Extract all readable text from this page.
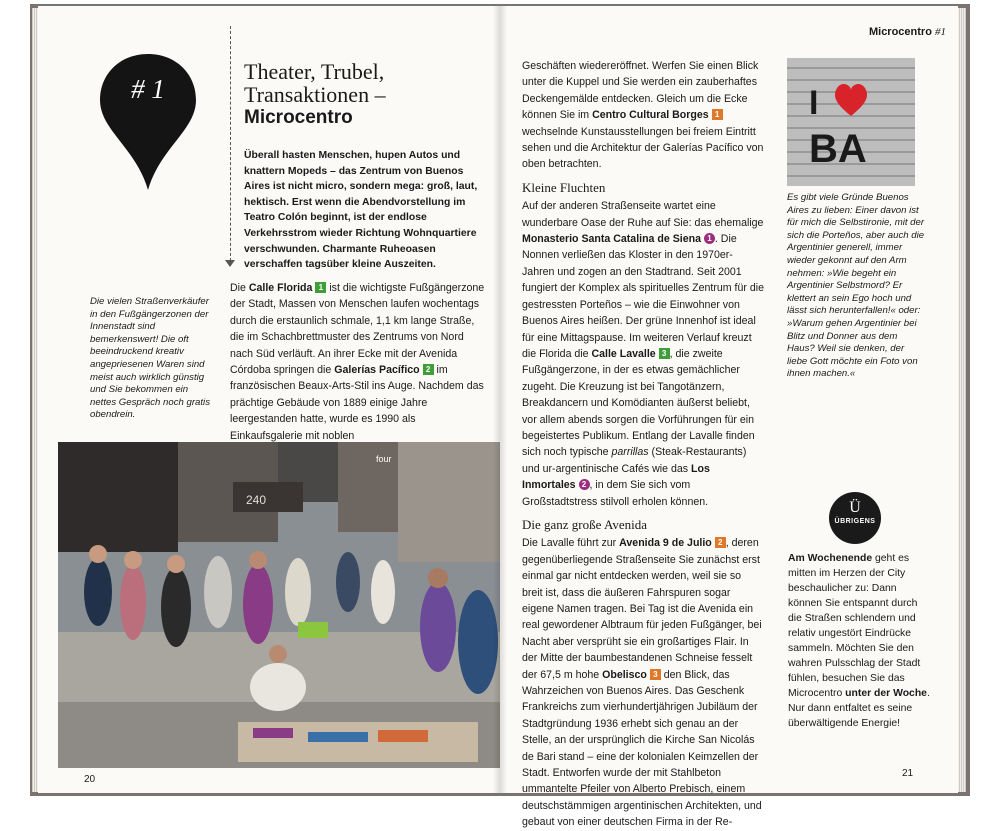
# 1
Theater, Trubel,
Transaktionen –
Microcentro
Überall hasten Menschen, hupen Autos und knattern Mopeds – das Zentrum von Buenos Aires ist nicht micro, sondern mega: groß, laut, hektisch. Erst wenn die Abendvorstellung im Teatro Colón beginnt, ist der endlose Verkehrsstrom wieder Richtung Wohnquartiere verschwunden. Charmante Ruheoasen verschaffen tagsüber kleine Auszeiten.
Die Calle Florida 1 ist die wichtigste Fußgängerzone der Stadt, Massen von Menschen laufen wochentags durch die erstaunlich schmale, 1,1 km lange Straße, die im Schachbrettmuster des Zentrums von Nord nach Süd verläuft. An ihrer Ecke mit der Avenida Córdoba springen die Galerías Pacífico 2 im französischen Beaux-Arts-Stil ins Auge. Nachdem das prächtige Gebäude von 1889 einige Jahre leergestanden hatte, wurde es 1990 als Einkaufsgalerie mit noblen
Die vielen Straßenverkäufer in den Fußgängerzonen der Innenstadt sind bemerkenswert! Die oft beeindruckend kreativ angepriesenen Waren sind meist auch wirklich günstig und Sie bekommen ein nettes Gespräch noch gratis obendrein.
240
four
20
Microcentro #1
Geschäften wiedereröffnet. Werfen Sie einen Blick unter die Kuppel und Sie werden ein zauberhaftes Deckengemälde entdecken. Gleich um die Ecke können Sie im Centro Cultural Borges 1 wechselnde Kunstausstellungen bei freiem Eintritt sehen und die Architektur der Galerías Pacífico von oben betrachten.
Kleine Fluchten
Auf der anderen Straßenseite wartet eine wunderbare Oase der Ruhe auf Sie: das ehemalige Monasterio Santa Catalina de Siena 1 . Die Nonnen verließen das Kloster in den 1970er-Jahren und zogen an den Stadtrand. Seit 2001 fungiert der Komplex als spirituelles Zentrum für die gestressten Porteños – wie die Einwohner von Buenos Aires heißen. Der grüne Innenhof ist ideal für eine Mittagspause. Im weiteren Verlauf kreuzt die Florida die Calle Lavalle 3 , die zweite Fußgängerzone, in der es etwas gemächlicher zugeht. Die Kreuzung ist bei Tangotänzern, Breakdancern und Komödianten äußerst beliebt, vor allem abends sorgen die Vorführungen für ein begeistertes Publikum. Entlang der Lavalle finden sich noch typische parrillas (Steak-Restaurants) und ur-argentinische Cafés wie das Los Inmortales 2 , in dem Sie sich vom Großstadtstress stilvoll erholen können.
Die ganz große Avenida
Die Lavalle führt zur Avenida 9 de Julio 2 , deren gegenüberliegende Straßenseite Sie zunächst erst einmal gar nicht entdecken werden, weil sie so breit ist, dass die äußeren Fahrspuren sogar eigene Namen tragen. Bei Tag ist die Avenida ein real gewordener Albtraum für jeden Fußgänger, bei Nacht aber versprüht sie ein großartiges Flair. In der Mitte der baumbestandenen Schneise fesselt der 67,5 m hohe Obelisco 3 den Blick, das Wahrzeichen von Buenos Aires. Das Geschenk Frankreichs zum vierhundertjährigen Jubiläum der Stadtgründung 1936 erhebt sich genau an der Stelle, an der ursprünglich die Kirche San Nicolás de Bari stand – eine der kolonialen Keimzellen der Stadt. Entworfen wurde der mit Stahlbeton ummantelte Pfeiler von Alberto Prebisch, einem deutschstämmigen argentinischen Architekten, und gebaut von einer deutschen Firma in der Re-
I
BA
Es gibt viele Gründe Buenos Aires zu lieben: Einer davon ist für mich die Selbstironie, mit der sich die Porteños, aber auch die Argentinier generell, immer wieder gekonnt auf den Arm nehmen: »Wie begeht ein Argentinier Selbstmord? Er klettert an sein Ego hoch und lässt sich herunterfallen!« oder: »Warum gehen Argentinier bei Blitz und Donner aus dem Haus? Weil sie denken, der liebe Gott möchte ein Foto von ihnen machen.«
Ü
ÜBRIGENS
Am Wochenende geht es mitten im Herzen der City beschaulicher zu: Dann können Sie entspannt durch die Straßen schlendern und relativ ungestört Eindrücke sammeln. Möchten Sie den wahren Pulsschlag der Stadt fühlen, besuchen Sie das Microcentro unter der Woche. Nur dann entfaltet es seine überwältigende Energie!
21
